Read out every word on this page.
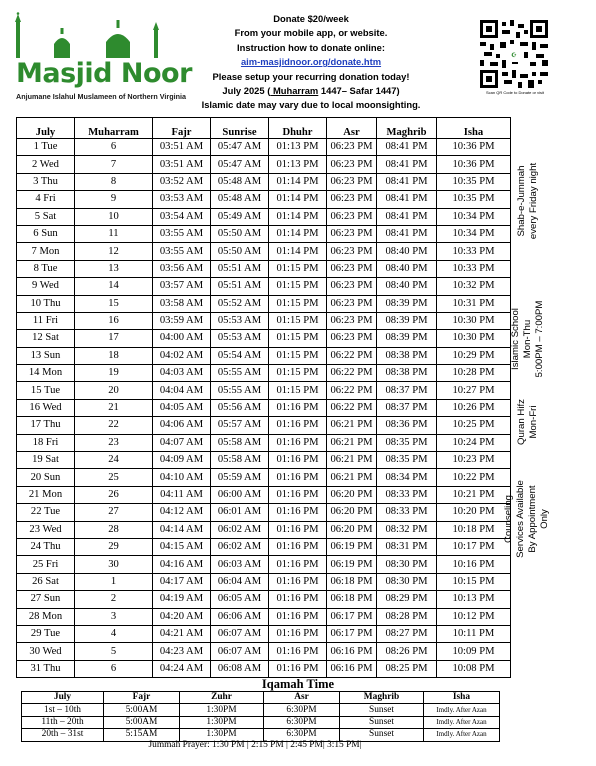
Masjid Noor
Anjumane Islahul Muslameen of Northern Virginia
Donate $20/week
From your mobile app, or website.
Instruction how to donate online:
aim-masjidnoor.org/donate.htm
Please setup your recurring donation today!
July 2025 ( Muharram 1447– Safar 1447)
Islamic date may vary due to local moonsighting.
☪
Scan QR Code to Donate or visit
July	Muharram	Fajr	Sunrise	Dhuhr	Asr	Maghrib	Isha
1 Tue	6	03:51 AM	05:47 AM	01:13 PM	06:23 PM	08:41 PM	10:36 PM
2 Wed	7	03:51 AM	05:47 AM	01:13 PM	06:23 PM	08:41 PM	10:36 PM
3 Thu	8	03:52 AM	05:48 AM	01:14 PM	06:23 PM	08:41 PM	10:35 PM
4 Fri	9	03:53 AM	05:48 AM	01:14 PM	06:23 PM	08:41 PM	10:35 PM
5 Sat	10	03:54 AM	05:49 AM	01:14 PM	06:23 PM	08:41 PM	10:34 PM
6 Sun	11	03:55 AM	05:50 AM	01:14 PM	06:23 PM	08:41 PM	10:34 PM
7 Mon	12	03:55 AM	05:50 AM	01:14 PM	06:23 PM	08:40 PM	10:33 PM
8 Tue	13	03:56 AM	05:51 AM	01:15 PM	06:23 PM	08:40 PM	10:33 PM
9 Wed	14	03:57 AM	05:51 AM	01:15 PM	06:23 PM	08:40 PM	10:32 PM
10 Thu	15	03:58 AM	05:52 AM	01:15 PM	06:23 PM	08:39 PM	10:31 PM
11 Fri	16	03:59 AM	05:53 AM	01:15 PM	06:23 PM	08:39 PM	10:30 PM
12 Sat	17	04:00 AM	05:53 AM	01:15 PM	06:23 PM	08:39 PM	10:30 PM
13 Sun	18	04:02 AM	05:54 AM	01:15 PM	06:22 PM	08:38 PM	10:29 PM
14 Mon	19	04:03 AM	05:55 AM	01:15 PM	06:22 PM	08:38 PM	10:28 PM
15 Tue	20	04:04 AM	05:55 AM	01:15 PM	06:22 PM	08:37 PM	10:27 PM
16 Wed	21	04:05 AM	05:56 AM	01:16 PM	06:22 PM	08:37 PM	10:26 PM
17 Thu	22	04:06 AM	05:57 AM	01:16 PM	06:21 PM	08:36 PM	10:25 PM
18 Fri	23	04:07 AM	05:58 AM	01:16 PM	06:21 PM	08:35 PM	10:24 PM
19 Sat	24	04:09 AM	05:58 AM	01:16 PM	06:21 PM	08:35 PM	10:23 PM
20 Sun	25	04:10 AM	05:59 AM	01:16 PM	06:21 PM	08:34 PM	10:22 PM
21 Mon	26	04:11 AM	06:00 AM	01:16 PM	06:20 PM	08:33 PM	10:21 PM
22 Tue	27	04:12 AM	06:01 AM	01:16 PM	06:20 PM	08:33 PM	10:20 PM
23 Wed	28	04:14 AM	06:02 AM	01:16 PM	06:20 PM	08:32 PM	10:18 PM
24 Thu	29	04:15 AM	06:02 AM	01:16 PM	06:19 PM	08:31 PM	10:17 PM
25 Fri	30	04:16 AM	06:03 AM	01:16 PM	06:19 PM	08:30 PM	10:16 PM
26 Sat	1	04:17 AM	06:04 AM	01:16 PM	06:18 PM	08:30 PM	10:15 PM
27 Sun	2	04:19 AM	06:05 AM	01:16 PM	06:18 PM	08:29 PM	10:13 PM
28 Mon	3	04:20 AM	06:06 AM	01:16 PM	06:17 PM	08:28 PM	10:12 PM
29 Tue	4	04:21 AM	06:07 AM	01:16 PM	06:17 PM	08:27 PM	10:11 PM
30 Wed	5	04:23 AM	06:07 AM	01:16 PM	06:16 PM	08:26 PM	10:09 PM
31 Thu	6	04:24 AM	06:08 AM	01:16 PM	06:16 PM	08:25 PM	10:08 PM
Shab-e-Jummah every Friday night
Islamic School Mon-Thu 5:00PM – 7:00PM
Quran Hifz Mon-Fri
Counseling Services Available By Appointment Only
Iqamah Time
July	Fajr	Zuhr	Asr	Maghrib	Isha
1st – 10th	5:00AM	1:30PM	6:30PM	Sunset	Imdly. After Azan
11th – 20th	5:00AM	1:30PM	6:30PM	Sunset	Imdly. After Azan
20th – 31st	5:15AM	1:30PM	6:30PM	Sunset	Imdly. After Azan
Jummah Prayer: 1:30 PM | 2:15 PM | 2:45 PM| 3:15 PM|
